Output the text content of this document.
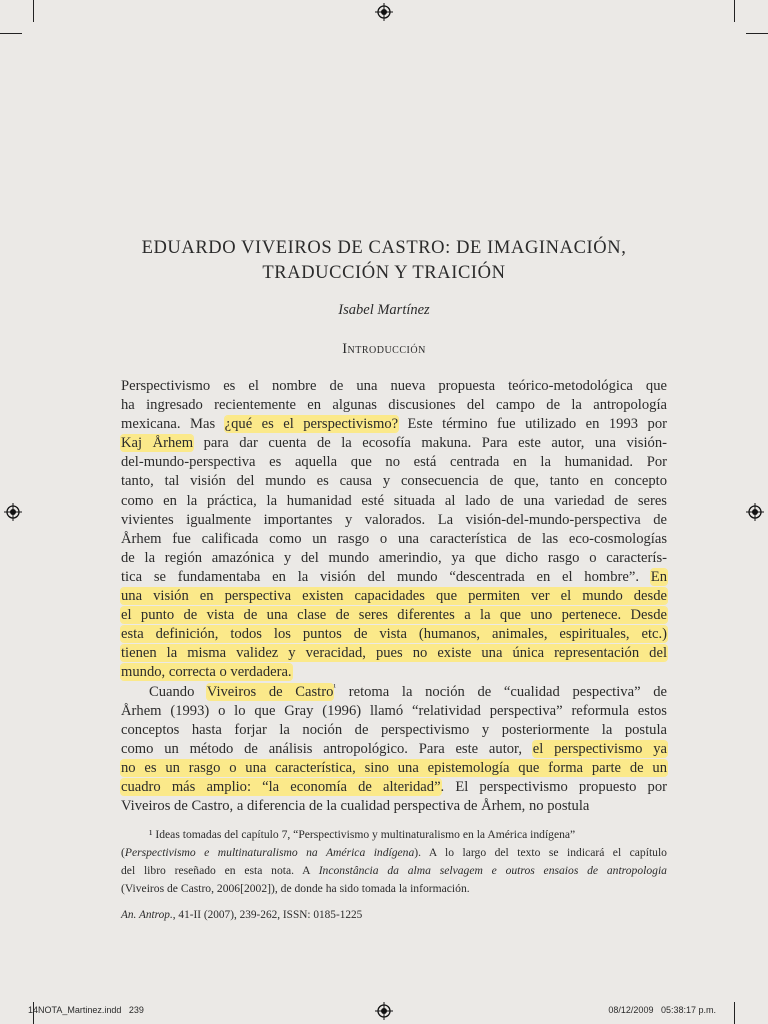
EDUARDO VIVEIROS DE CASTRO: DE IMAGINACIÓN,
TRADUCCIÓN Y TRAICIÓN
Isabel Martínez
Introducción
Perspectivismo es el nombre de una nueva propuesta teórico-metodológica que
ha ingresado recientemente en algunas discusiones del campo de la antropología
mexicana. Mas ¿qué es el perspectivismo? Este término fue utilizado en 1993 por
Kaj Århem para dar cuenta de la ecosofía makuna. Para este autor, una visión-
del-mundo-perspectiva es aquella que no está centrada en la humanidad. Por
tanto, tal visión del mundo es causa y consecuencia de que, tanto en concepto
como en la práctica, la humanidad esté situada al lado de una variedad de seres
vivientes igualmente importantes y valorados. La visión-del-mundo-perspectiva de
Århem fue calificada como un rasgo o una característica de las eco-cosmologías
de la región amazónica y del mundo amerindio, ya que dicho rasgo o caracterís-
tica se fundamentaba en la visión del mundo “descentrada en el hombre”. En
una visión en perspectiva existen capacidades que permiten ver el mundo desde
el punto de vista de una clase de seres diferentes a la que uno pertenece. Desde
esta definición, todos los puntos de vista (humanos, animales, espirituales, etc.)
tienen la misma validez y veracidad, pues no existe una única representación del
mundo, correcta o verdadera.
Cuando Viveiros de Castro$^{^1}$ retoma la noción de “cualidad pespectiva” de
Århem (1993) o lo que Gray (1996) llamó “relatividad perspectiva” reformula estos
conceptos hasta forjar la noción de perspectivismo y posteriormente la postula
como un método de análisis antropológico. Para este autor, el perspectivismo ya
no es un rasgo o una característica, sino una epistemología que forma parte de un
cuadro más amplio: “la economía de alteridad”. El perspectivismo propuesto por
Viveiros de Castro, a diferencia de la cualidad perspectiva de Århem, no postula
¹ Ideas tomadas del capítulo 7, “Perspectivismo y multinaturalismo en la América indígena”
(Perspectivismo e multinaturalismo na América indígena). A lo largo del texto se indicará el capítulo
del libro reseñado en esta nota. A Inconstância da alma selvagem e outros ensaios de antropologia
(Viveiros de Castro, 2006[2002]), de donde ha sido tomada la información.
An. Antrop., 41-II (2007), 239-262, ISSN: 0185-1225
14NOTA_Martinez.indd   239	08/12/2009   05:38:17 p.m.
